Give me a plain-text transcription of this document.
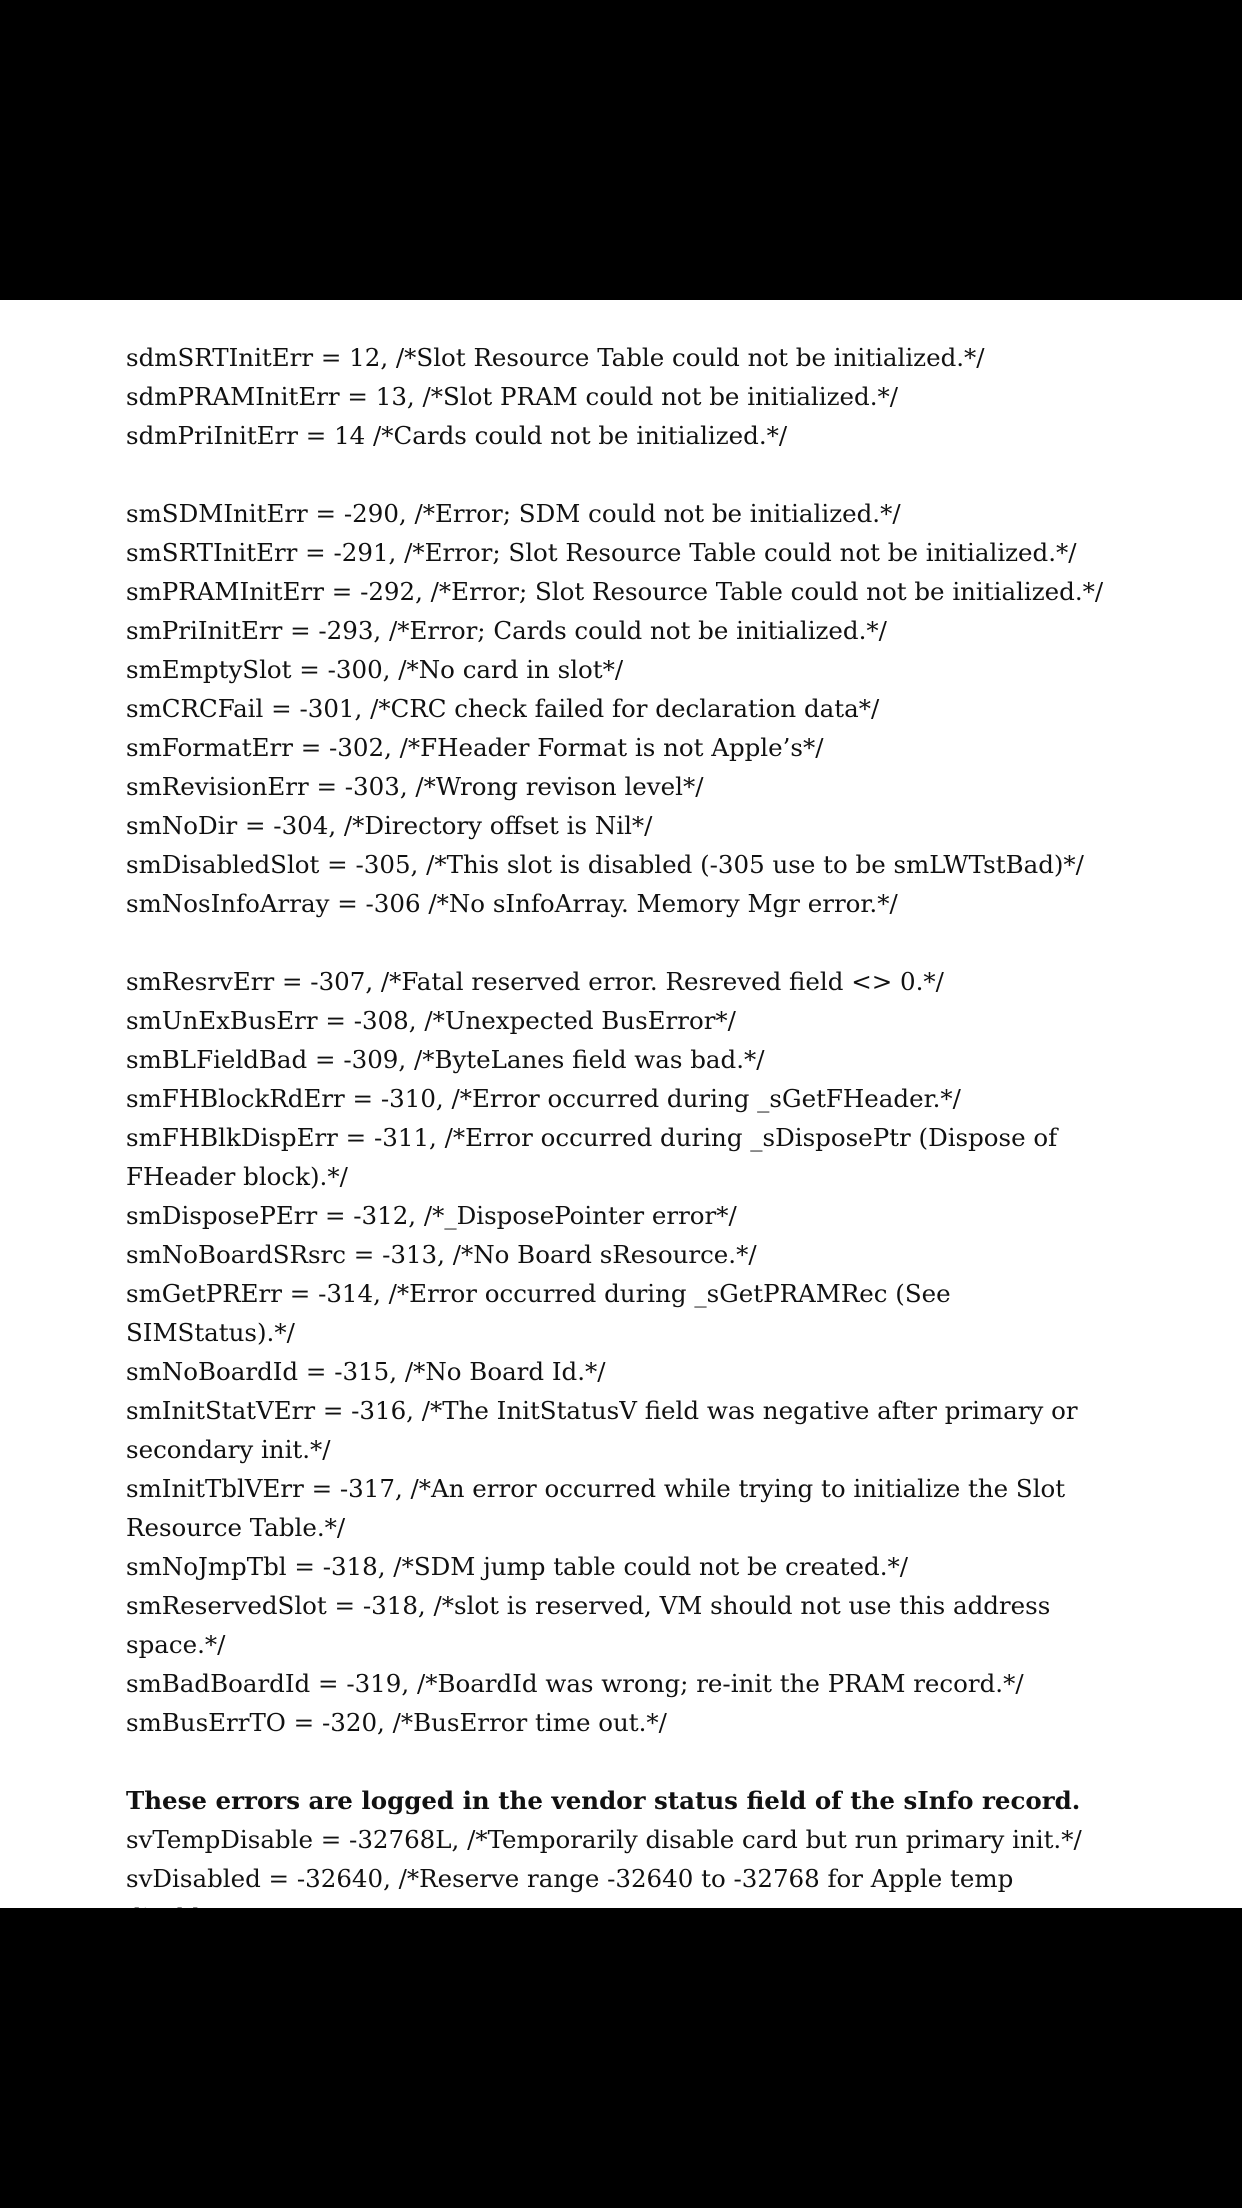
sdmSRTInitErr = 12, /*Slot Resource Table could not be initialized.*/

sdmPRAMInitErr = 13, /*Slot PRAM could not be initialized.*/

sdmPriInitErr = 14 /*Cards could not be initialized.*/

smSDMInitErr = -290, /*Error; SDM could not be initialized.*/

smSRTInitErr = -291, /*Error; Slot Resource Table could not be initialized.*/

smPRAMInitErr = -292, /*Error; Slot Resource Table could not be initialized.*/

smPriInitErr = -293, /*Error; Cards could not be initialized.*/

smEmptySlot = -300, /*No card in slot*/

smCRCFail = -301, /*CRC check failed for declaration data*/

smFormatErr = -302, /*FHeader Format is not Apple’s*/

smRevisionErr = -303, /*Wrong revison level*/

smNoDir = -304, /*Directory offset is Nil*/

smDisabledSlot = -305, /*This slot is disabled (-305 use to be smLWTstBad)*/

smNosInfoArray = -306 /*No sInfoArray. Memory Mgr error.*/

smResrvErr = -307, /*Fatal reserved error. Resreved field <> 0.*/

smUnExBusErr = -308, /*Unexpected BusError*/

smBLFieldBad = -309, /*ByteLanes field was bad.*/

smFHBlockRdErr = -310, /*Error occurred during _sGetFHeader.*/

smFHBlkDispErr = -311, /*Error occurred during _sDisposePtr (Dispose of FHeader block).*/

smDisposePErr = -312, /*_DisposePointer error*/

smNoBoardSRsrc = -313, /*No Board sResource.*/

smGetPRErr = -314, /*Error occurred during _sGetPRAMRec (See SIMStatus).*/

smNoBoardId = -315, /*No Board Id.*/

smInitStatVErr = -316, /*The InitStatusV field was negative after primary or secondary init.*/

smInitTblVErr = -317, /*An error occurred while trying to initialize the Slot Resource Table.*/

smNoJmpTbl = -318, /*SDM jump table could not be created.*/

smReservedSlot = -318, /*slot is reserved, VM should not use this address space.*/

smBadBoardId = -319, /*BoardId was wrong; re-init the PRAM record.*/

smBusErrTO = -320, /*BusError time out.*/

These errors are logged in the vendor status field of the sInfo record.

svTempDisable = -32768L, /*Temporarily disable card but run primary init.*/

svDisabled = -32640, /*Reserve range -32640 to -32768 for Apple temp
